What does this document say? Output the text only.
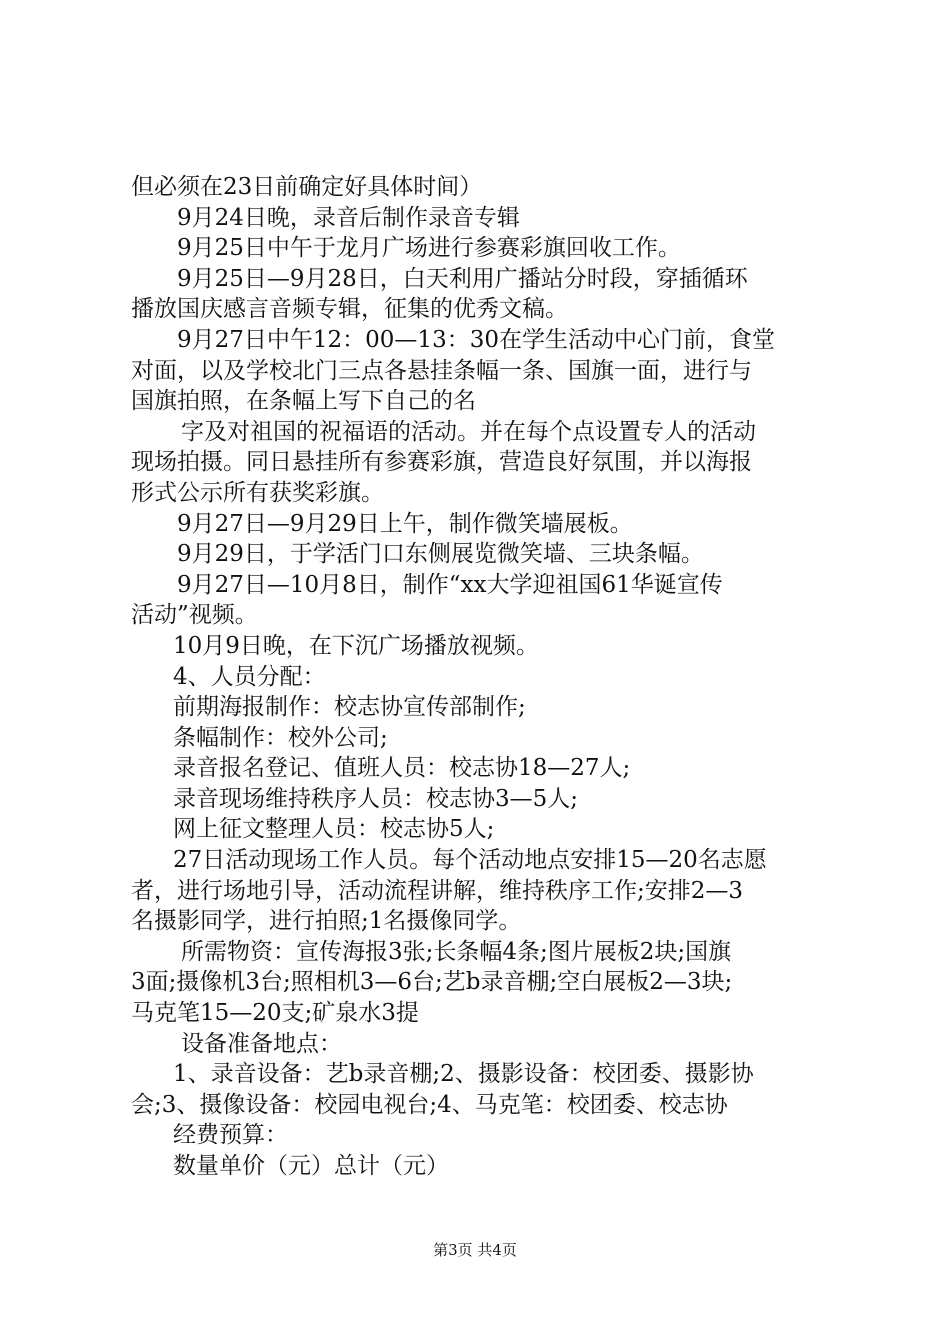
但必须在23日前确定好具体时间）
9月24日晚，录音后制作录音专辑
9月25日中午于龙月广场进行参赛彩旗回收工作。
9月25日—9月28日，白天利用广播站分时段，穿插循环
播放国庆感言音频专辑，征集的优秀文稿。
9月27日中午12：00—13：30在学生活动中心门前，食堂
对面，以及学校北门三点各悬挂条幅一条、国旗一面，进行与
国旗拍照，在条幅上写下自己的名
字及对祖国的祝福语的活动。并在每个点设置专人的活动
现场拍摄。同日悬挂所有参赛彩旗，营造良好氛围，并以海报
形式公示所有获奖彩旗。
9月27日—9月29日上午，制作微笑墙展板。
9月29日，于学活门口东侧展览微笑墙、三块条幅。
9月27日—10月8日，制作“xx大学迎祖国61华诞宣传
活动”视频。
10月9日晚，在下沉广场播放视频。
4、人员分配：
前期海报制作：校志协宣传部制作;
条幅制作：校外公司;
录音报名登记、值班人员：校志协18—27人;
录音现场维持秩序人员：校志协3—5人;
网上征文整理人员：校志协5人;
27日活动现场工作人员。每个活动地点安排15—20名志愿
者，进行场地引导，活动流程讲解，维持秩序工作;安排2—3
名摄影同学，进行拍照;1名摄像同学。
所需物资：宣传海报3张;长条幅4条;图片展板2块;国旗
3面;摄像机3台;照相机3—6台;艺b录音棚;空白展板2—3块;
马克笔15—20支;矿泉水3提
设备准备地点：
1、录音设备：艺b录音棚;2、摄影设备：校团委、摄影协
会;3、摄像设备：校园电视台;4、马克笔：校团委、校志协
经费预算：
数量单价（元）总计（元）
第3页 共4页
